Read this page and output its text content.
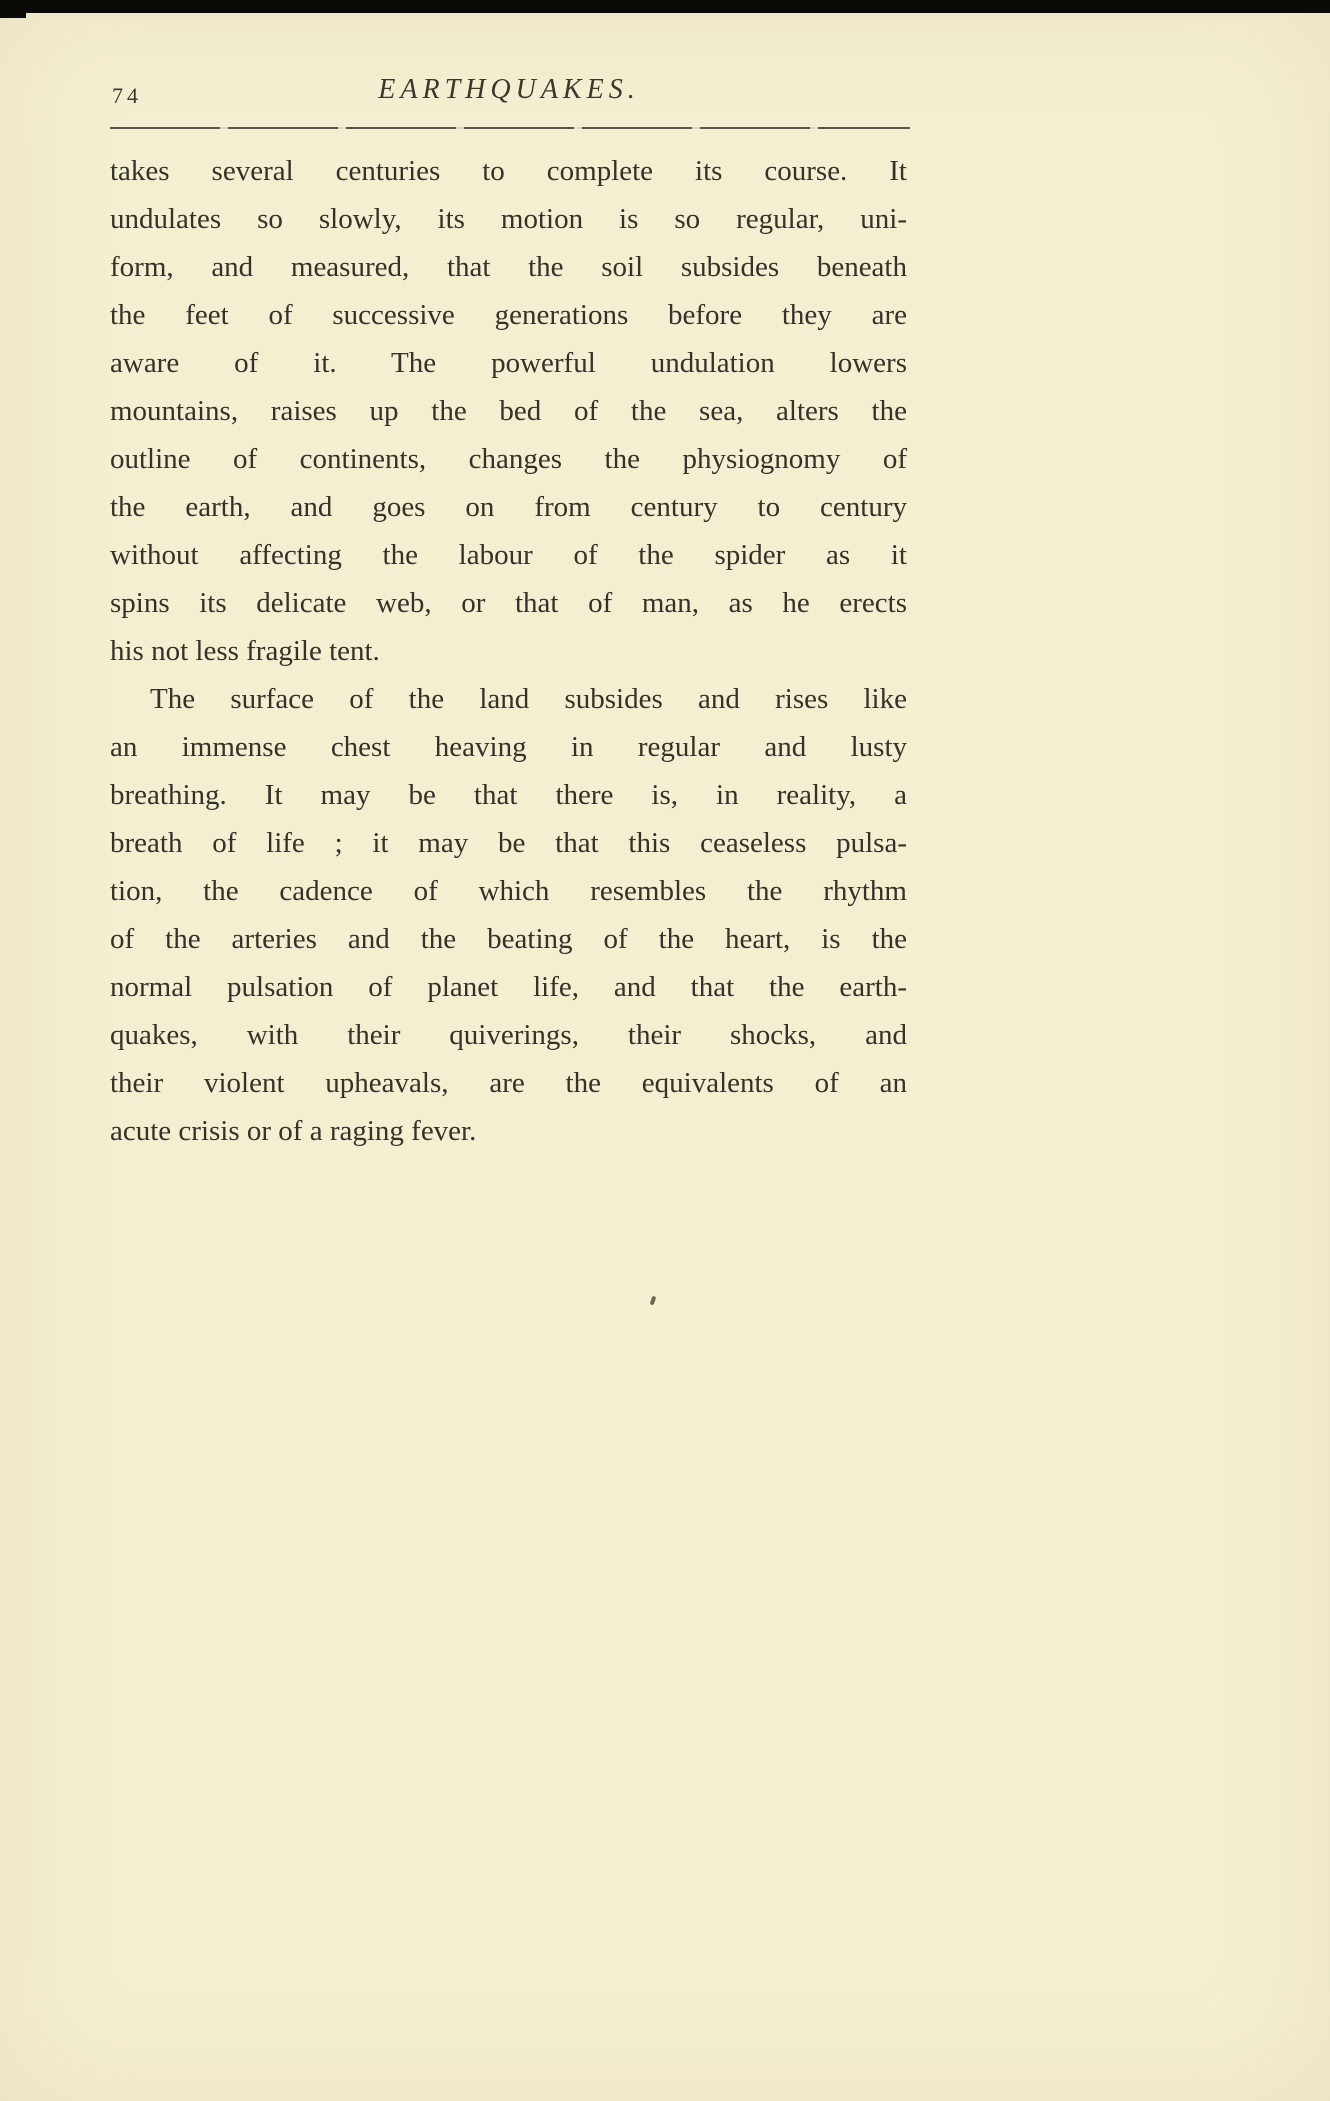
74	EARTHQUAKES.
takes several centuries to complete its course. It
undulates so slowly, its motion is so regular, uni-
form, and measured, that the soil subsides beneath
the feet of successive generations before they are
aware of it. The powerful undulation lowers
mountains, raises up the bed of the sea, alters the
outline of continents, changes the physiognomy of
the earth, and goes on from century to century
without affecting the labour of the spider as it
spins its delicate web, or that of man, as he erects
his not less fragile tent.
The surface of the land subsides and rises like
an immense chest heaving in regular and lusty
breathing. It may be that there is, in reality, a
breath of life ; it may be that this ceaseless pulsa-
tion, the cadence of which resembles the rhythm
of the arteries and the beating of the heart, is the
normal pulsation of planet life, and that the earth-
quakes, with their quiverings, their shocks, and
their violent upheavals, are the equivalents of an
acute crisis or of a raging fever.
